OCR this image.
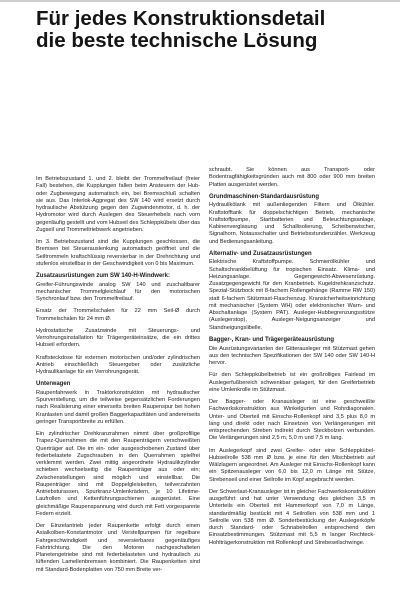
Für jedes Konstruktionsdetail
die beste technische Lösung

Im Betriebszustand 1. und 2. bleibt der Trommelfreilauf (freier Fall) bestehen, die Kupplungen fallen beim Ansteuern der Hub- oder Zugbewegung automatisch ein, bei Bremsschluß schalten sie aus. Das Interlok-Aggregat des SW 140 wird ersetzt durch hydraulische Abstützung gegen den Zugwindenmotor, d. h. der Hydromotor wird durch Auslegen des Steuerhebels nach vorn gegenläufig gestellt und vom Hubseil des Schleppkübels über das Zugseil und Trommeltriebwerk angetrieben.

Im 3. Betriebszustand sind die Kupplungen geschlossen, die Bremsen bei Steuerauslenkung automatisch geöffnet und die Seiltrommeln kraftschlüssig reversierbar in der Drehrichtung und stufenlos einstellbar in der Geschwindigkeit von 0 bis Maximum.

Zusatzausrüstungen zum SW 140-H-Windwerk:

Greifer-Führungswinde analog SW 140 und zuschaltbarer mechanischer Trommelgleichlauf für den motorischen Synchronlauf bzw. den Trommelfreilauf.

Ersatz der Trommelschalen für 22 mm Seil-Ø durch Trommelschalen für 24 mm Ø.

Hydrostatische Zusatzwinde mit Steuerungs- und Verrohrungsinstallation für Trägergeräteinsätze, die ein drittes Hubseil erfordern.

Kraftsteckdose für externen motorischen und/oder zylindrischen Antrieb einschließlich Steuergeber oder zusätzliche Hydraulikanlage für ein Verrohrungsgerät.

Unterwagen

Raupenfahrwerk in Traktorkonstruktion mit hydraulischer Spurverstellung, um die teilweise gegensätzlichen Forderungen nach Realisierung einer einerseits breiten Raupenspur bei hohen Kranlasten und damit großen Baggerkapazitäten und andererseits geringer Transportbreite zu erfüllen.

Ein zylindrischer Drehkranzrahmen nimmt über großprofilige Trapez-Querrahmen die mit den Raupenträgern verschweißten Querträger auf. Die im ein- oder ausgeschobenen Zustand über federbelastete Zugschrauben in den Querrahmen spielfrei verklemmt werden. Zwei mittig angeordnete Hydraulikzylinder schieben wechselseitig die Raupenträger aus oder ein; Zwischenstellungen sind möglich und einstellbar. Die Raupenträger sind mit Doppelgleisketten, teilverzahnten Antriebsturassen, Spurkranz-Umlenkrädern, je 10 Lifetime-Laufrollen und Kettenführungsschienen ausgerüstet. Eine gleichmäßige Raupenspannung wird durch mit Fett vorgespannte Federn erzielt.

Der Einzelantrieb jeder Raupenkette erfolgt durch einen Axialkolben-Konstantmotor und Verstellpumpen für regelbare Fahrgeschwindigkeit und reversierbares gegenläufiges Fahrtrichtung. Die den Motoren nachgeschalteten Planetengetriebe sind mit federbelasteten und hydraulisch zu lüftenden Lamellenbremsen kombiniert. Die Raupenketten sind mit Standard-Bodenplatten von 750 mm Breite ver-

schraubt. Sie können aus Transport- oder Bodentragfähigkeitsgründen auch mit 800 oder 900 mm breiten Platten ausgerüstet werden.

Grundmaschinen-Standardausrüstung

Hydraulikölank mit außenliegenden Filtern und Ölkühler. Kraftstofftank für doppelschichtigen Betrieb, mechanische Kraftstoffpumpe, Startbatterien und Beleuchtungsanlage, Kabinenverglasung und Schallisolierung, Scheibenwischer, Signalhorn, Notausschalter und Betriebsstundenzähler. Werkzeug und Bedienungsanleitung.

Alternativ- und Zusatzausrüstungen

Elektrische Kraftstoffpumpe. Schmierölkühler und Schaltschrankbelüftung für tropischen Einsatz. Klima- und Heizungsanlage. Gegengewicht-Abwesenrüstung. Zusatzgegengewicht für den Kranbetrieb. Kugeldrehkranzschutz. Spezial-Stützbock mit 8-fachem Rollengehänge (Ramme RW 150) statt 6-fachem Stützmast-Flaschenzug. Kransicherheitseinrichtung mit mechanischer (System WH) oder elektronischer Warn- und Abschaltanlage (System PAT). Ausleger-Hubbegrenzungsstütze (Auslegerstop), Ausleger-Neigungsanzeiger und Standneigungslibelle.

Bagger-, Kran- und Trägergeräteausrüstung

Die Ausrüstungsvarianten der Gitterausleger mit Stützmast gehen aus den technischen Spezifikationen der SW 140 oder SW 140-H hervor.

Für den Schleppkübelbetrieb ist ein großrolliges Fairlead im Auslegerfußbereich schwenkbar gelagert, für den Greiferbetrieb eine Umlenkrolle im Stützmast.

Der Bagger- oder Kranausleger ist eine geschweißte Fachwerkskonstruktion aus Winkelgurten und Rohrdiagonalen. Unter- und Oberteil mit Einschs-Rollenkopf sind 3,5 plus 8,0 m lang und direkt oder nach Einsetzen von Verlängerungen mit entsprechenden Streben indirekt durch Steckbolzen verbunden. Die Verlängerungen sind 2,5 m, 5,0 m und 7,5 m lang.

Im Auslegerkopf sind zwei Greifer- oder eine Schleppkübel-Hubseilrolle 538 mm Ø bzw. je eine für den Mischbetrieb auf Wälzlagern angeordnet. Am Ausleger mit Einschs-Rollenkopf kann ein Spitzenausleger von 6,0 bis 12,0 m Länge mit Stütze, Strebenseil und einer Seilrolle im Kopf angebracht werden.

Der Schwerlast-Kranausleger ist in gleicher Fachwerkskonstruktion ausgeführt und hat unter Verwendung des gleichen 3,5 m Unterteils ein Oberteil mit Hammerkopf von 7,0 m Länge, standardmäßig bestückt mit 4 Seilrollen von 538 mm und 1 Seilrolle von 538 mm Ø. Sonderbestückung der Auslegerköpfe durch Standard- oder Schnabelrollen entsprechend den Einsatzbestimmungen. Stützmast mit 5,5 m langer Rechteck-Hohlträgerkonstruktion mit Rollenkopf und Strebeseilschwinge.
